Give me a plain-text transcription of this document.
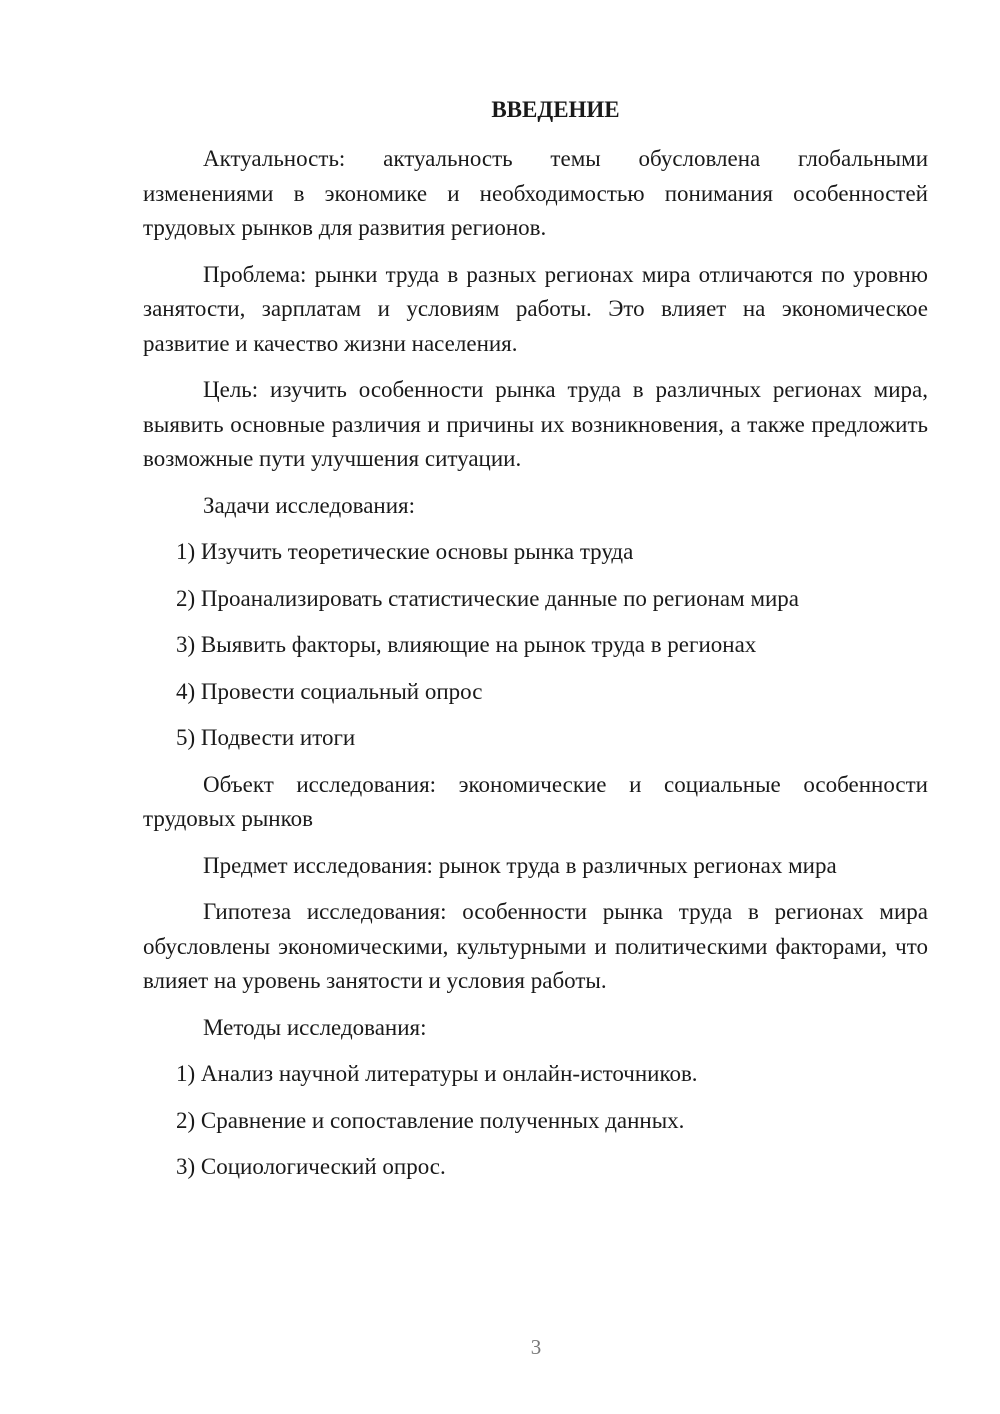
ВВЕДЕНИЕ

Актуальность: актуальность темы обусловлена глобальными изменениями в экономике и необходимостью понимания особенностей трудовых рынков для развития регионов.

Проблема: рынки труда в разных регионах мира отличаются по уровню занятости, зарплатам и условиям работы. Это влияет на экономическое развитие и качество жизни населения.

Цель: изучить особенности рынка труда в различных регионах мира, выявить основные различия и причины их возникновения, а также предложить возможные пути улучшения ситуации.

Задачи исследования:

1) Изучить теоретические основы рынка труда
2) Проанализировать статистические данные по регионам мира
3) Выявить факторы, влияющие на рынок труда в регионах
4) Провести социальный опрос
5) Подвести итоги

Объект исследования: экономические и социальные особенности трудовых рынков

Предмет исследования: рынок труда в различных регионах мира

Гипотеза исследования: особенности рынка труда в регионах мира обусловлены экономическими, культурными и политическими факторами, что влияет на уровень занятости и условия работы.

Методы исследования:

1) Анализ научной литературы и онлайн-источников.
2) Сравнение и сопоставление полученных данных.
3) Социологический опрос.
3
